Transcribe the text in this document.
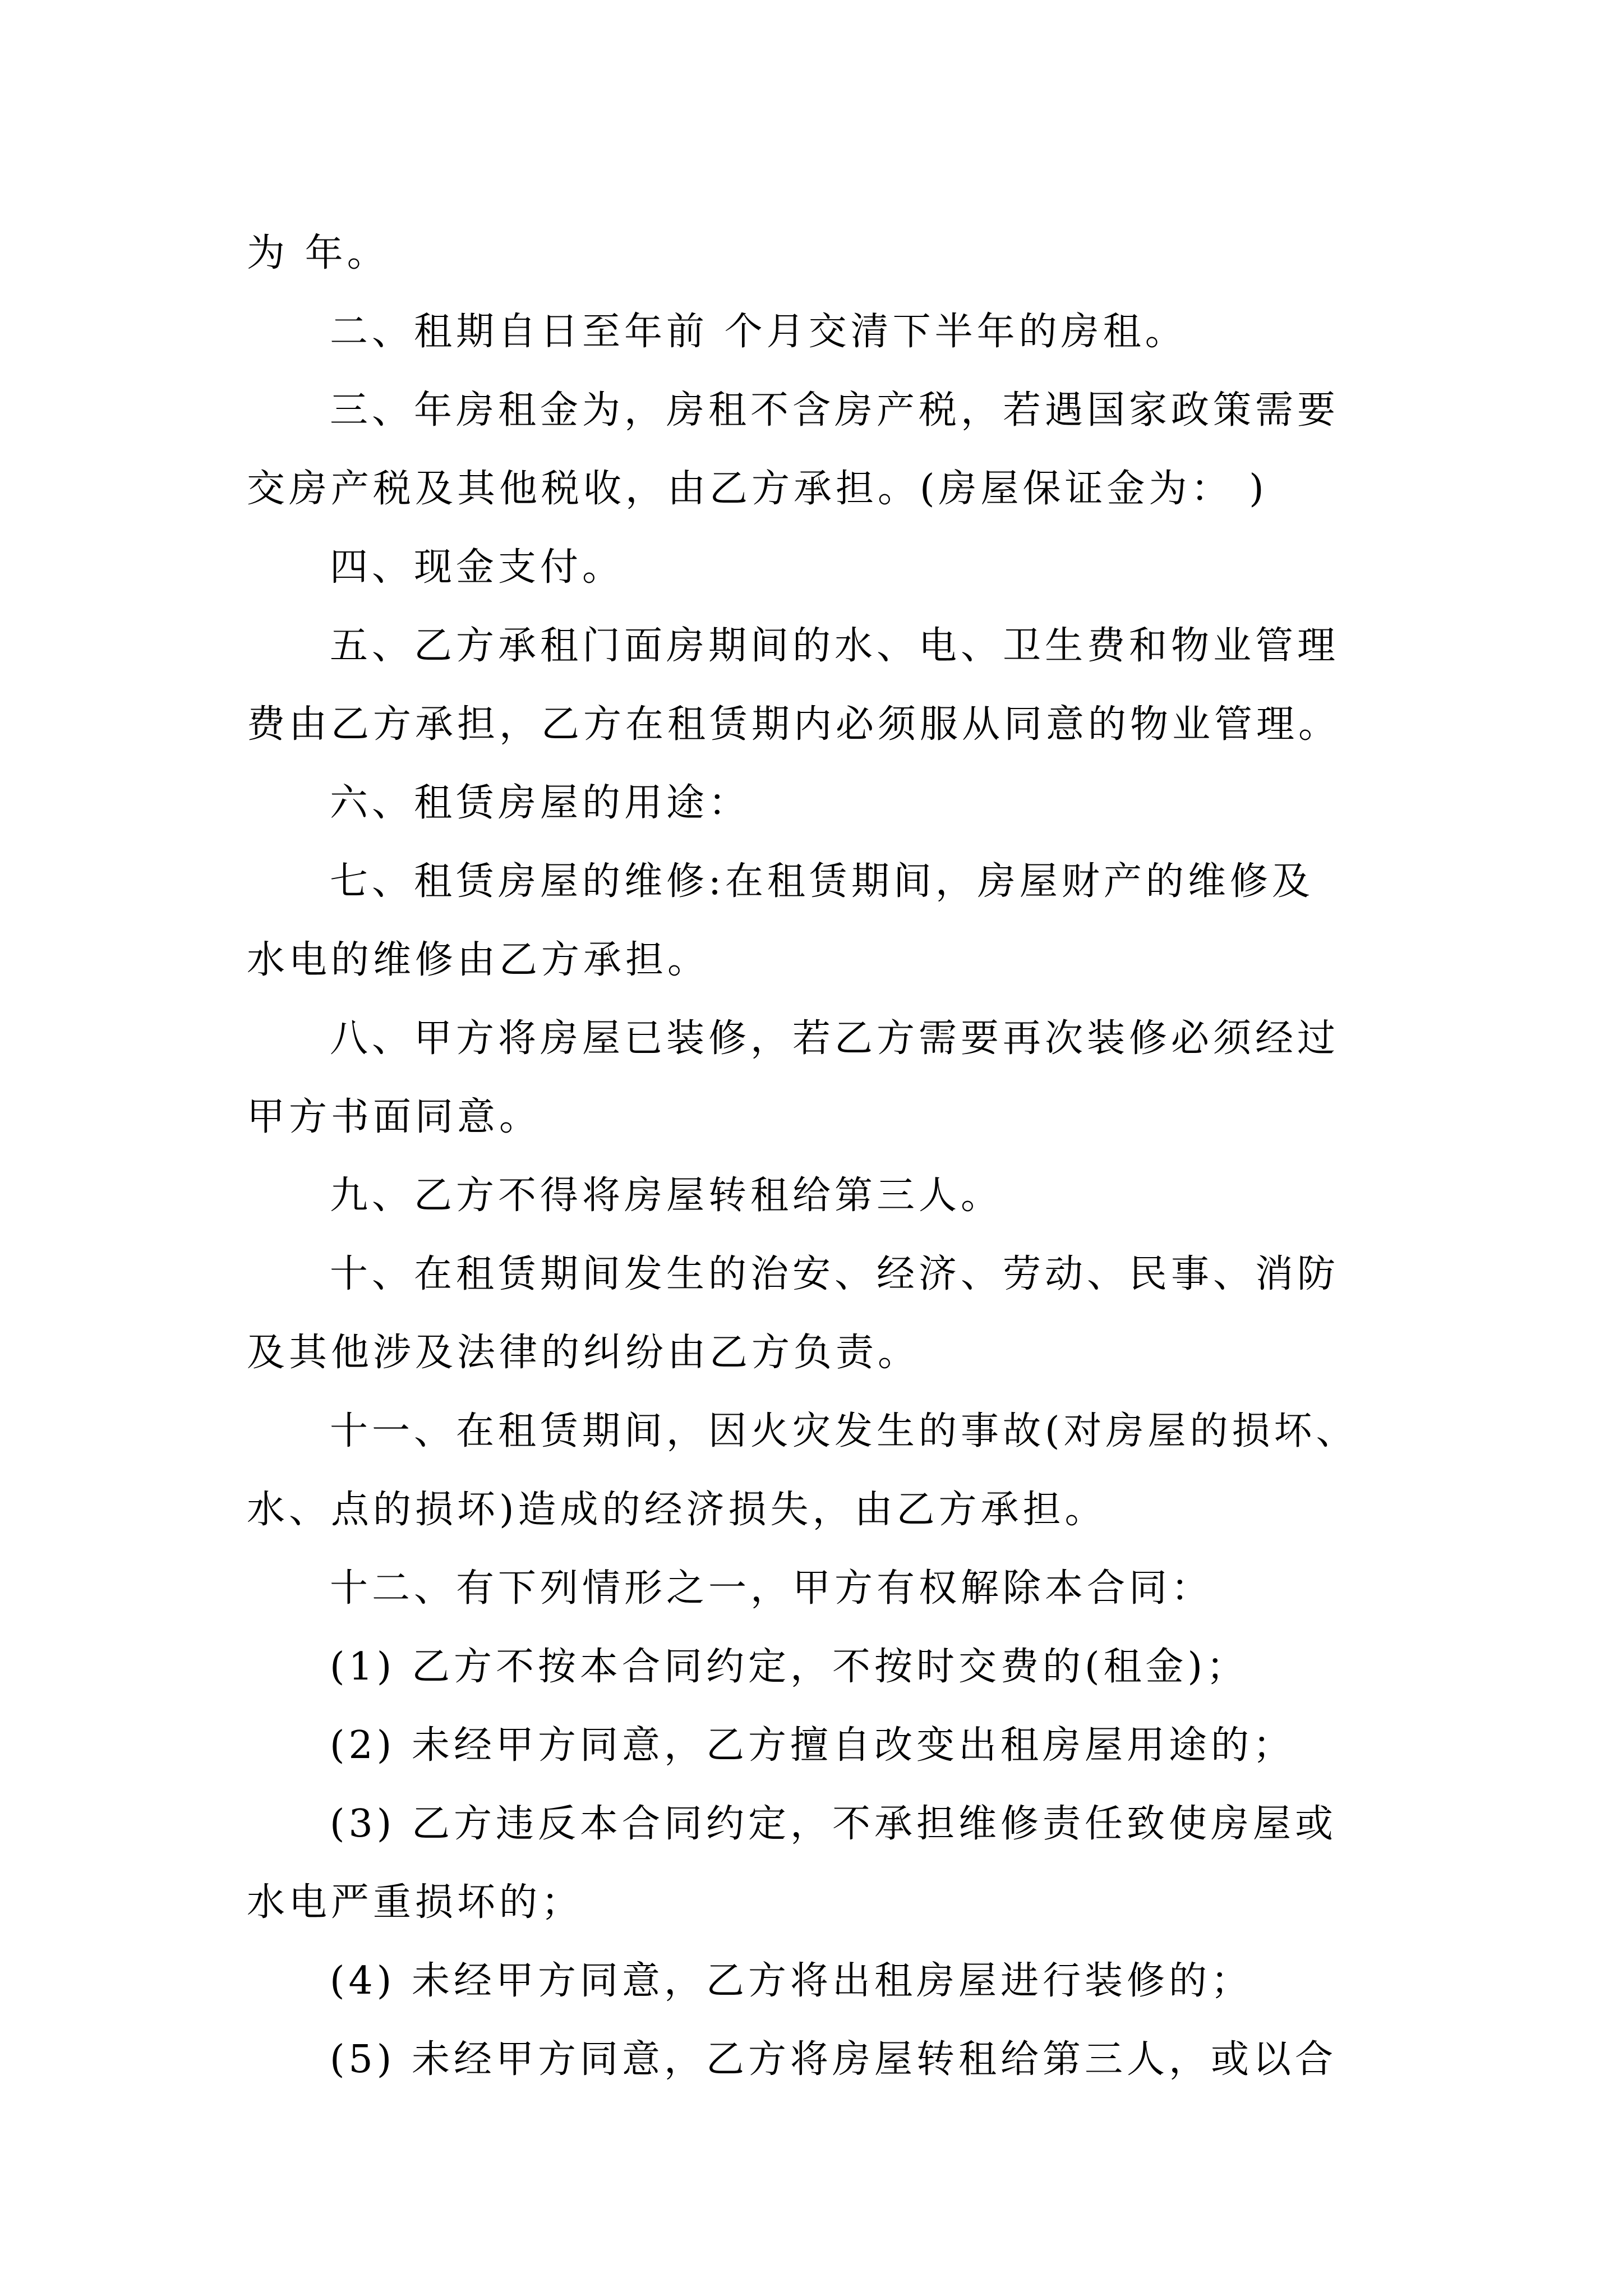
为 年。
二、租期自日至年前 个月交清下半年的房租。
三、年房租金为，房租不含房产税，若遇国家政策需要
交房产税及其他税收，由乙方承担。(房屋保证金为： )
四、现金支付。
五、乙方承租门面房期间的水、电、卫生费和物业管理
费由乙方承担，乙方在租赁期内必须服从同意的物业管理。
六、租赁房屋的用途：
七、租赁房屋的维修:在租赁期间，房屋财产的维修及
水电的维修由乙方承担。
八、甲方将房屋已装修，若乙方需要再次装修必须经过
甲方书面同意。
九、乙方不得将房屋转租给第三人。
十、在租赁期间发生的治安、经济、劳动、民事、消防
及其他涉及法律的纠纷由乙方负责。
十一、在租赁期间，因火灾发生的事故(对房屋的损坏、
水、点的损坏)造成的经济损失，由乙方承担。
十二、有下列情形之一，甲方有权解除本合同：
(1) 乙方不按本合同约定，不按时交费的(租金)；
(2) 未经甲方同意，乙方擅自改变出租房屋用途的；
(3) 乙方违反本合同约定，不承担维修责任致使房屋或
水电严重损坏的；
(4) 未经甲方同意，乙方将出租房屋进行装修的；
(5) 未经甲方同意，乙方将房屋转租给第三人，或以合
